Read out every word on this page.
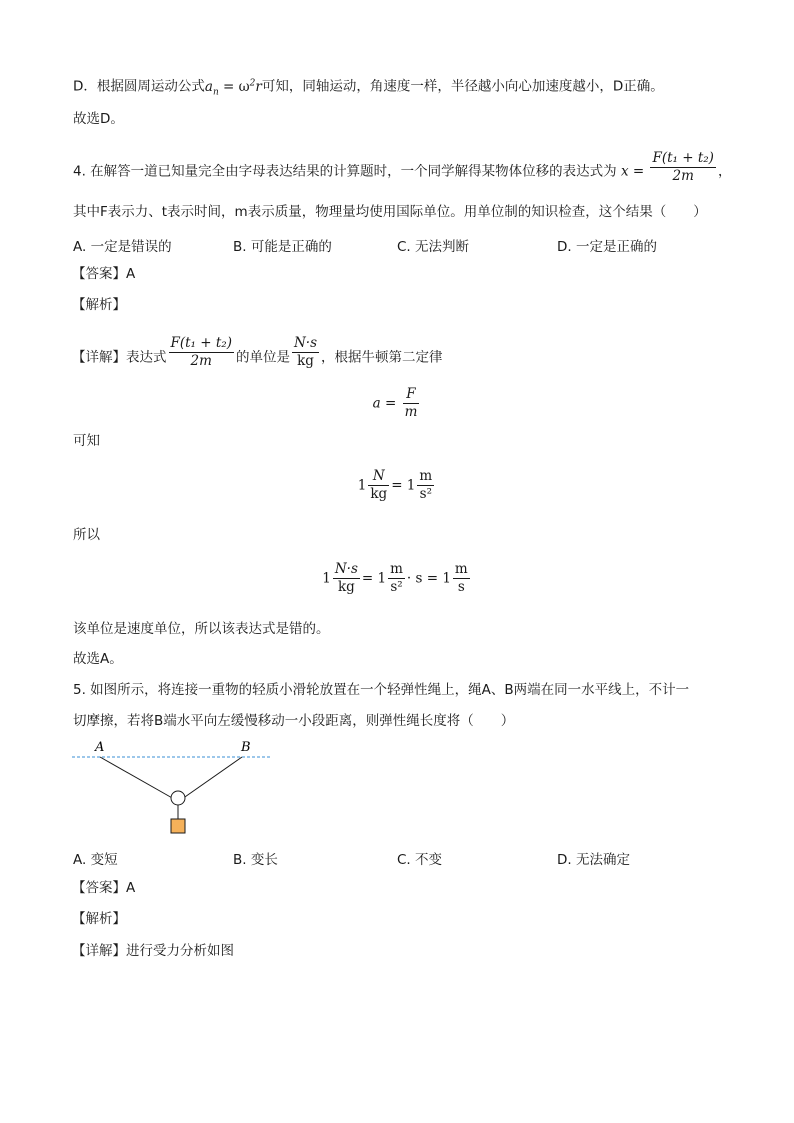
D．根据圆周运动公式$a_n = \omega^2r$可知，同轴运动，角速度一样，半径越小向心加速度越小，D正确。
故选D。
4. 在解答一道已知量完全由字母表达结果的计算题时，一个同学解得某物体位移的表达式为 $x = \frac{\text{F(t₁ + t₂)}}{2m}$ ，
其中F表示力、t表示时间，m表示质量，物理量均使用国际单位。用单位制的知识检查，这个结果（　　）
A. 一定是错误的	B. 可能是正确的	C. 无法判断	D. 一定是正确的
【答案】A
【解析】
【详解】表达式 $\frac{\text{F(t₁ + t₂)}}{2m}$ 的单位是 $\frac{N\cdot s}{kg}$ ，根据牛顿第二定律
$a = \frac{F}{m}$
可知
$1 \frac{N}{kg} = 1 \frac{m}{\text{s²}}$
所以
$1 \frac{N\cdot s}{kg} = 1 \frac{m}{\text{s²}} \cdot s = 1 \frac{m}{s}$
该单位是速度单位，所以该表达式是错的。
故选A。
5. 如图所示，将连接一重物的轻质小滑轮放置在一个轻弹性绳上，绳A、B两端在同一水平线上，不计一
切摩擦，若将B端水平向左缓慢移动一小段距离，则弹性绳长度将（　　）
A	B
A. 变短	B. 变长	C. 不变	D. 无法确定
【答案】A
【解析】
【详解】进行受力分析如图
